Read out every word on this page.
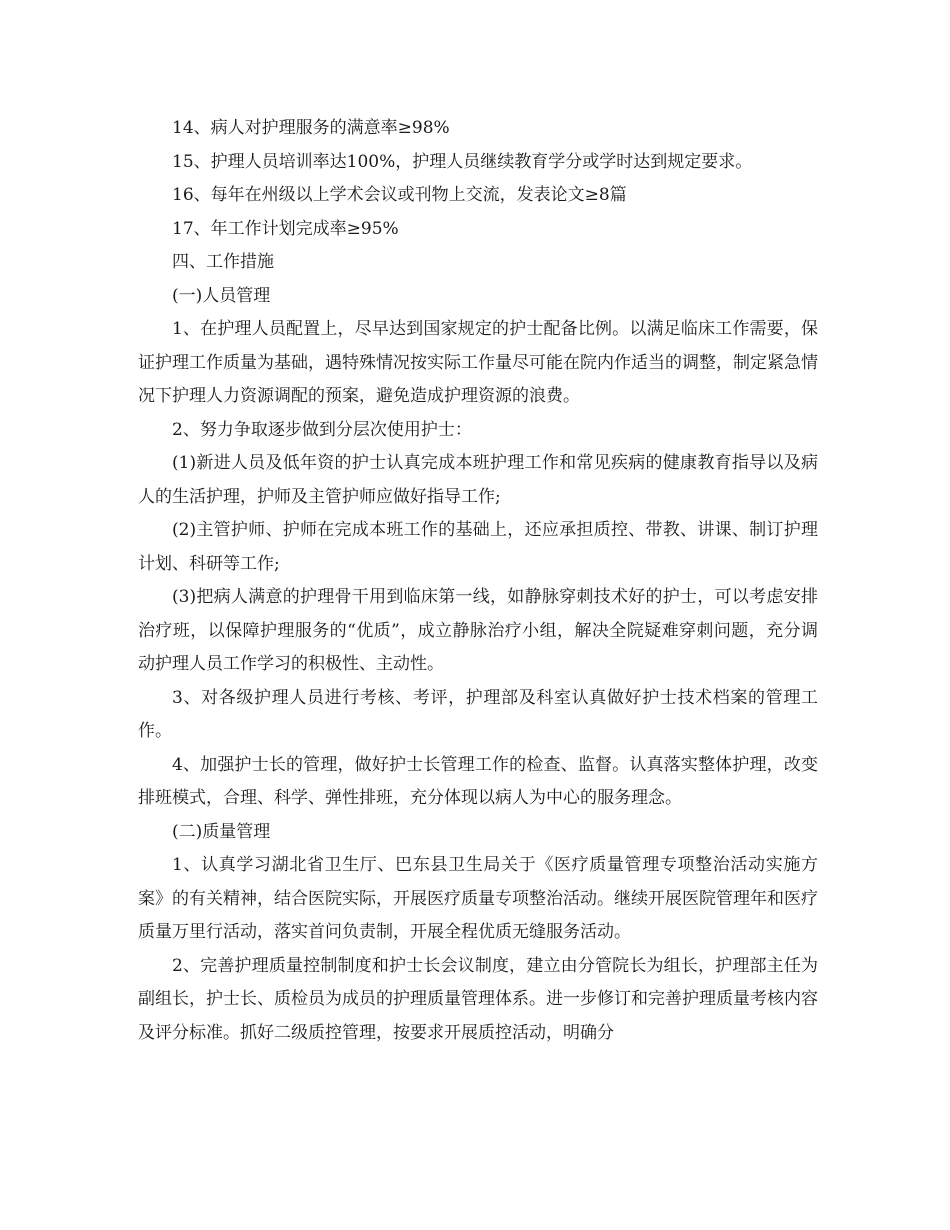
14、病人对护理服务的满意率≥98%

15、护理人员培训率达100%，护理人员继续教育学分或学时达到规定要求。

16、每年在州级以上学术会议或刊物上交流，发表论文≥8篇

17、年工作计划完成率≥95%

四、工作措施

(一)人员管理

1、在护理人员配置上，尽早达到国家规定的护士配备比例。以满足临床工作需要，保证护理工作质量为基础，遇特殊情况按实际工作量尽可能在院内作适当的调整，制定紧急情况下护理人力资源调配的预案，避免造成护理资源的浪费。

2、努力争取逐步做到分层次使用护士：

(1)新进人员及低年资的护士认真完成本班护理工作和常见疾病的健康教育指导以及病人的生活护理，护师及主管护师应做好指导工作;

(2)主管护师、护师在完成本班工作的基础上，还应承担质控、带教、讲课、制订护理计划、科研等工作;

(3)把病人满意的护理骨干用到临床第一线，如静脉穿刺技术好的护士，可以考虑安排治疗班，以保障护理服务的“优质”，成立静脉治疗小组，解决全院疑难穿刺问题，充分调动护理人员工作学习的积极性、主动性。

3、对各级护理人员进行考核、考评，护理部及科室认真做好护士技术档案的管理工作。

4、加强护士长的管理，做好护士长管理工作的检查、监督。认真落实整体护理，改变排班模式，合理、科学、弹性排班，充分体现以病人为中心的服务理念。

(二)质量管理

1、认真学习湖北省卫生厅、巴东县卫生局关于《医疗质量管理专项整治活动实施方案》的有关精神，结合医院实际，开展医疗质量专项整治活动。继续开展医院管理年和医疗质量万里行活动，落实首问负责制，开展全程优质无缝服务活动。

2、完善护理质量控制制度和护士长会议制度，建立由分管院长为组长，护理部主任为副组长，护士长、质检员为成员的护理质量管理体系。进一步修订和完善护理质量考核内容及评分标准。抓好二级质控管理，按要求开展质控活动，明确分
